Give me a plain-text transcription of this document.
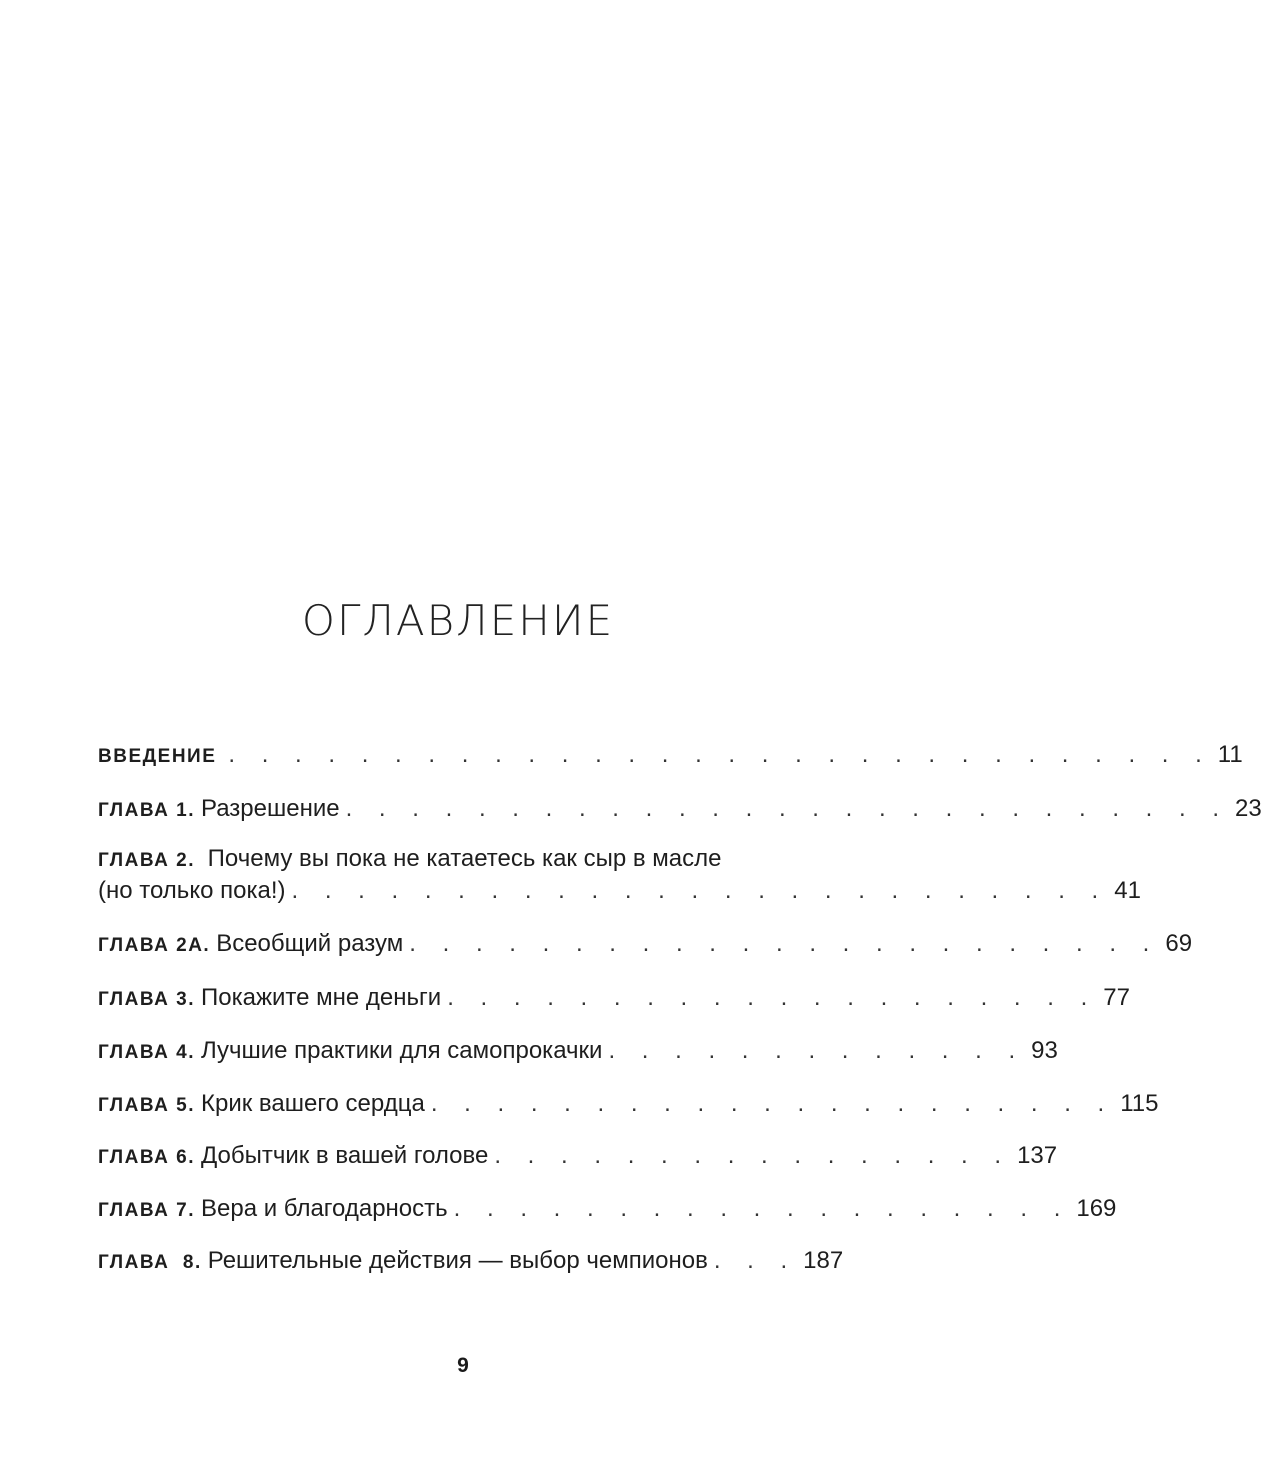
ОГЛАВЛЕНИЕ
ВВЕДЕНИЕ . . . . . . . . . . . . . . . . . . . . . . . . . . . . . . 11
ГЛАВА 1. Разрешение . . . . . . . . . . . . . . . . . . . . . . . . . . . 23
ГЛАВА 2. Почему вы пока не катаетесь как сыр в масле
(но только пока!) . . . . . . . . . . . . . . . . . . . . . . . . . 41
ГЛАВА 2А. Всеобщий разум . . . . . . . . . . . . . . . . . . . . . . . 69
ГЛАВА 3. Покажите мне деньги . . . . . . . . . . . . . . . . . . . . 77
ГЛАВА 4. Лучшие практики для самопрокачки . . . . . . . . . . . . . 93
ГЛАВА 5. Крик вашего сердца . . . . . . . . . . . . . . . . . . . . . 115
ГЛАВА 6. Добытчик в вашей голове . . . . . . . . . . . . . . . . 137
ГЛАВА 7. Вера и благодарность . . . . . . . . . . . . . . . . . . . 169
ГЛАВА  8. Решительные действия — выбор чемпионов . . . 187
9
